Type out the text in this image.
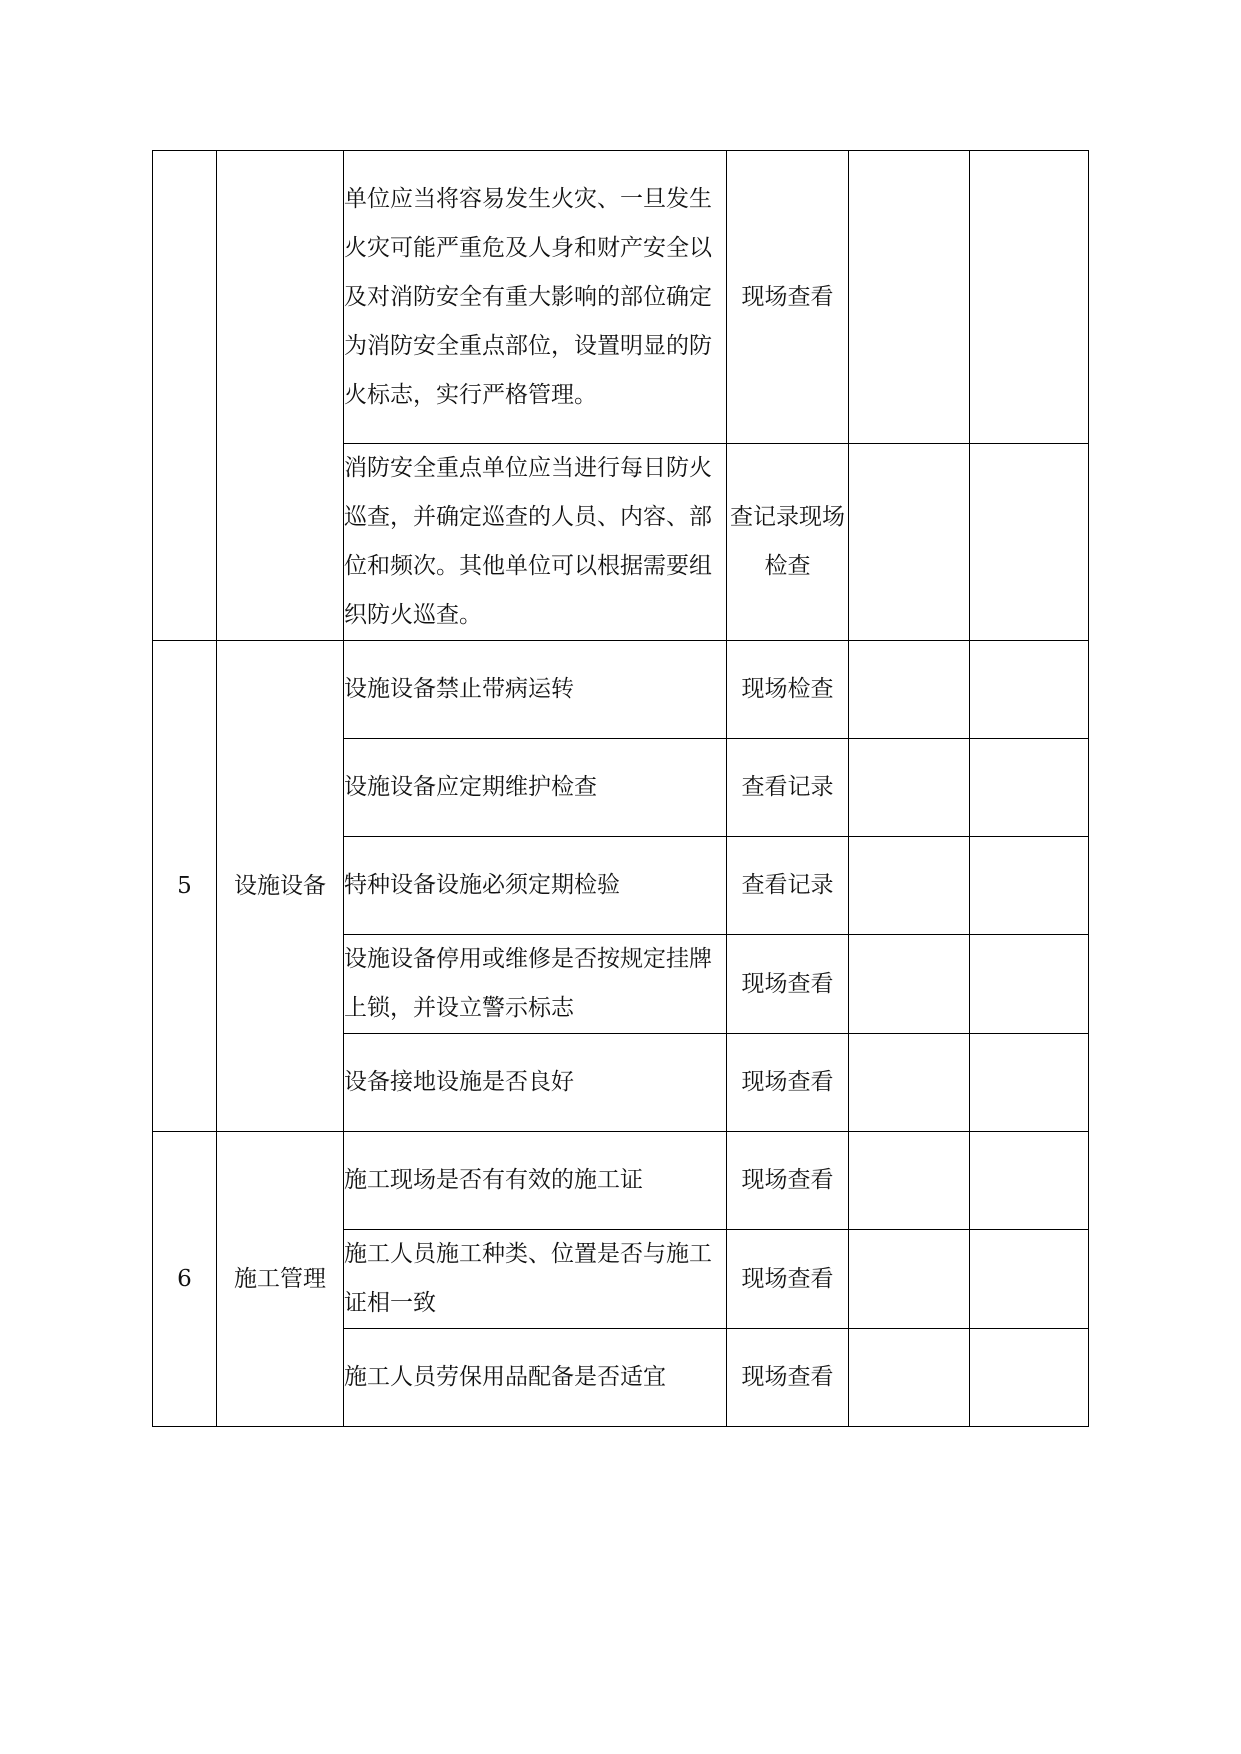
		单位应当将容易发生火灾、一旦发生火灾可能严重危及人身和财产安全以及对消防安全有重大影响的部位确定为消防安全重点部位，设置明显的防火标志，实行严格管理。	现场查看		
		消防安全重点单位应当进行每日防火巡查，并确定巡查的人员、内容、部位和频次。其他单位可以根据需要组织防火巡查。	查记录现场检查		
5	设施设备	设施设备禁止带病运转	现场检查		
		设施设备应定期维护检查	查看记录		
		特种设备设施必须定期检验	查看记录		
		设施设备停用或维修是否按规定挂牌上锁，并设立警示标志	现场查看		
		设备接地设施是否良好	现场查看		
6	施工管理	施工现场是否有有效的施工证	现场查看		
		施工人员施工种类、位置是否与施工证相一致	现场查看		
		施工人员劳保用品配备是否适宜	现场查看		
